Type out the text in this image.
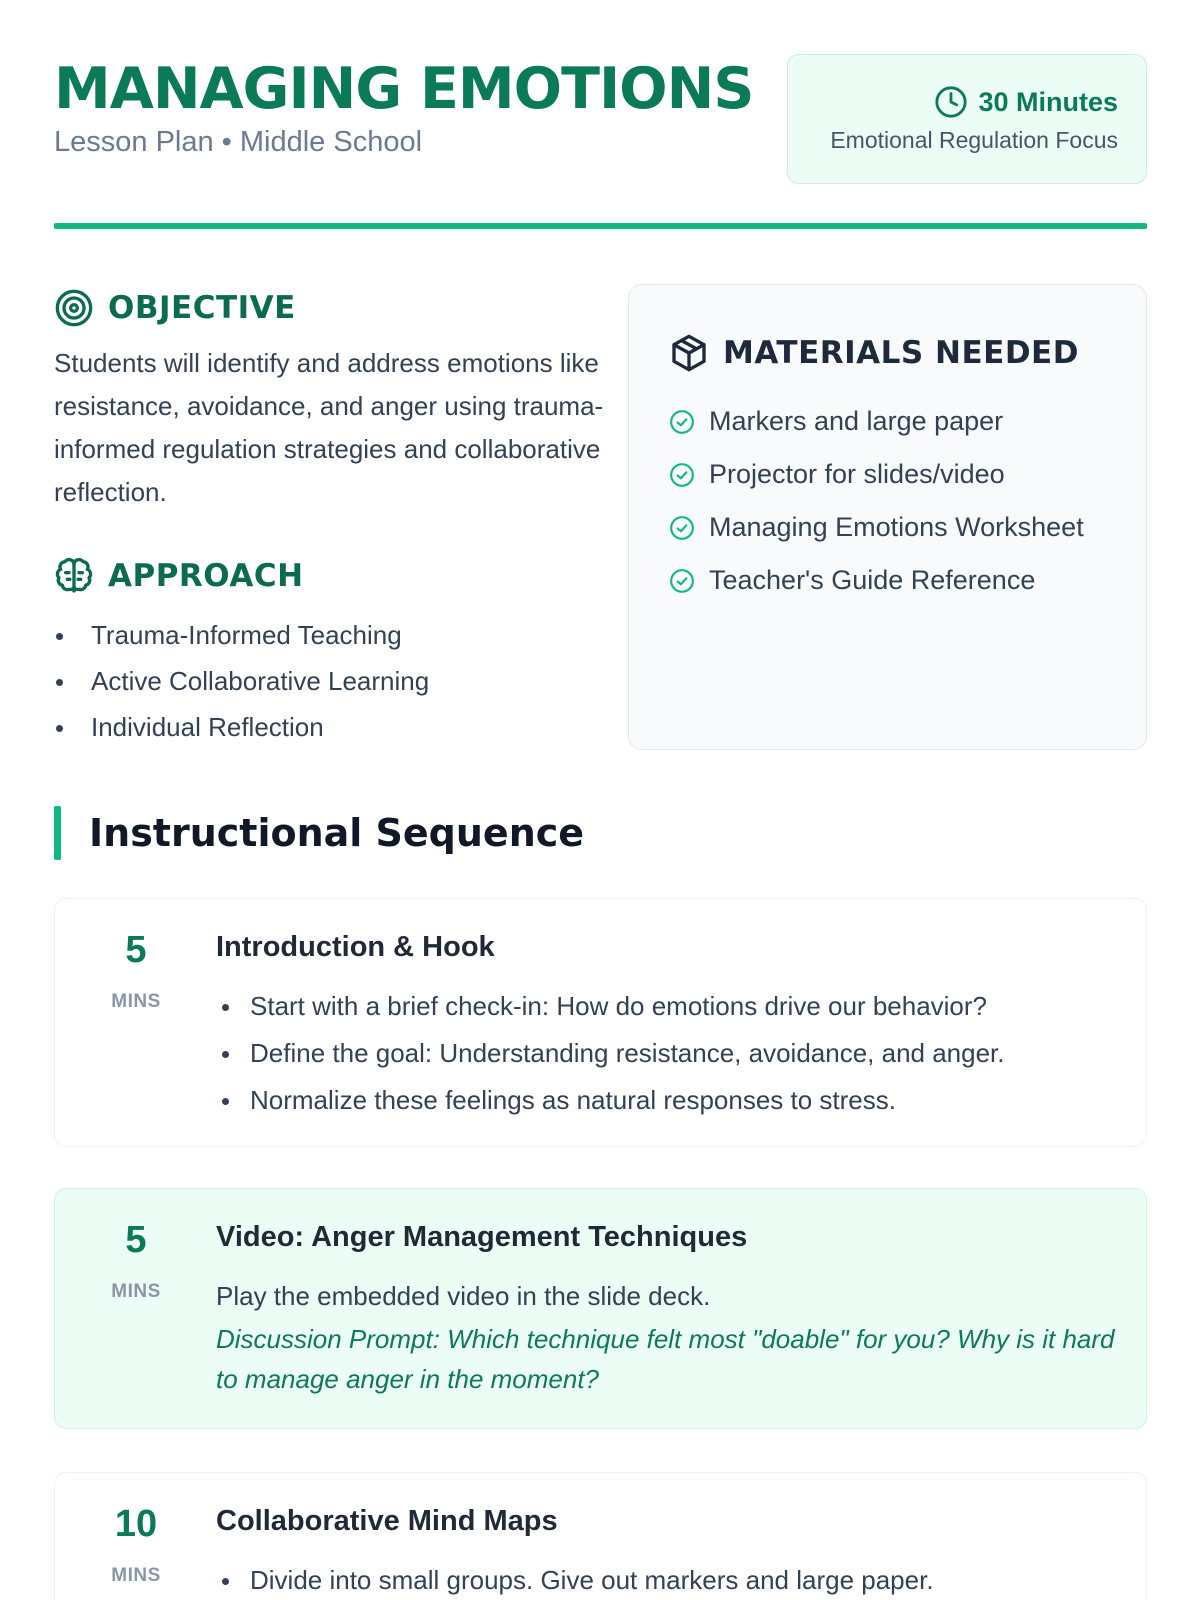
MANAGING EMOTIONS
Lesson Plan • Middle School
30 Minutes
Emotional Regulation Focus
OBJECTIVE

Students will identify and address emotions like resistance, avoidance, and anger using trauma-informed regulation strategies and collaborative reflection.

APPROACH
Trauma-Informed Teaching
Active Collaborative Learning
Individual Reflection
MATERIALS NEEDED
Markers and large paper
Projector for slides/video
Managing Emotions Worksheet
Teacher's Guide Reference
Instructional Sequence
5
MINS
Introduction & Hook
Start with a brief check-in: How do emotions drive our behavior?
Define the goal: Understanding resistance, avoidance, and anger.
Normalize these feelings as natural responses to stress.
5
MINS
Video: Anger Management Techniques
Play the embedded video in the slide deck.
Discussion Prompt: Which technique felt most "doable" for you? Why is it hard to manage anger in the moment?
10
MINS
Collaborative Mind Maps
Divide into small groups. Give out markers and large paper.
